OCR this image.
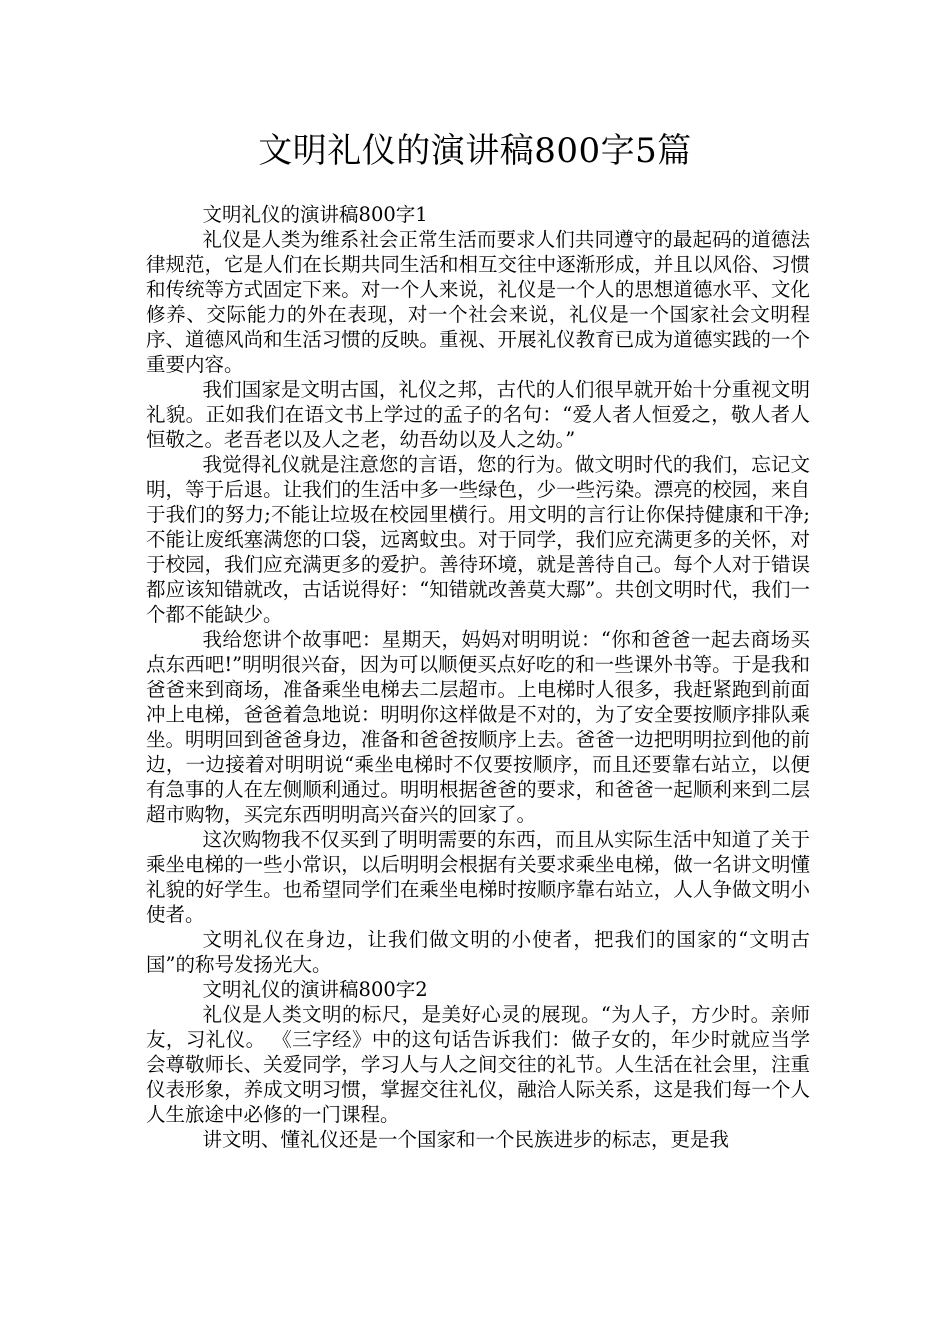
文明礼仪的演讲稿800字5篇

文明礼仪的演讲稿800字1

礼仪是人类为维系社会正常生活而要求人们共同遵守的最起码的道德法律规范，它是人们在长期共同生活和相互交往中逐渐形成，并且以风俗、习惯和传统等方式固定下来。对一个人来说，礼仪是一个人的思想道德水平、文化修养、交际能力的外在表现，对一个社会来说，礼仪是一个国家社会文明程序、道德风尚和生活习惯的反映。重视、开展礼仪教育已成为道德实践的一个重要内容。

我们国家是文明古国，礼仪之邦，古代的人们很早就开始十分重视文明礼貌。正如我们在语文书上学过的孟子的名句：“爱人者人恒爱之，敬人者人恒敬之。老吾老以及人之老，幼吾幼以及人之幼。”

我觉得礼仪就是注意您的言语，您的行为。做文明时代的我们，忘记文明，等于后退。让我们的生活中多一些绿色，少一些污染。漂亮的校园，来自于我们的努力;不能让垃圾在校园里横行。用文明的言行让你保持健康和干净;不能让废纸塞满您的口袋，远离蚊虫。对于同学，我们应充满更多的关怀，对于校园，我们应充满更多的爱护。善待环境，就是善待自己。每个人对于错误都应该知错就改，古话说得好：“知错就改善莫大鄢”。共创文明时代，我们一个都不能缺少。

我给您讲个故事吧：星期天，妈妈对明明说：“你和爸爸一起去商场买点东西吧!”明明很兴奋，因为可以顺便买点好吃的和一些课外书等。于是我和爸爸来到商场，准备乘坐电梯去二层超市。上电梯时人很多，我赶紧跑到前面冲上电梯，爸爸着急地说：明明你这样做是不对的，为了安全要按顺序排队乘坐。明明回到爸爸身边，准备和爸爸按顺序上去。爸爸一边把明明拉到他的前边，一边接着对明明说“乘坐电梯时不仅要按顺序，而且还要靠右站立，以便有急事的人在左侧顺利通过。明明根据爸爸的要求，和爸爸一起顺利来到二层超市购物，买完东西明明高兴奋兴的回家了。

这次购物我不仅买到了明明需要的东西，而且从实际生活中知道了关于乘坐电梯的一些小常识，以后明明会根据有关要求乘坐电梯，做一名讲文明懂礼貌的好学生。也希望同学们在乘坐电梯时按顺序靠右站立，人人争做文明小使者。

文明礼仪在身边，让我们做文明的小使者，把我们的国家的“文明古国”的称号发扬光大。

文明礼仪的演讲稿800字2

礼仪是人类文明的标尺，是美好心灵的展现。“为人子，方少时。亲师友，习礼仪。 《三字经》中的这句话告诉我们：做子女的，年少时就应当学会尊敬师长、关爱同学，学习人与人之间交往的礼节。人生活在社会里，注重仪表形象，养成文明习惯，掌握交往礼仪，融洽人际关系，这是我们每一个人人生旅途中必修的一门课程。

讲文明、懂礼仪还是一个国家和一个民族进步的标志，更是我
